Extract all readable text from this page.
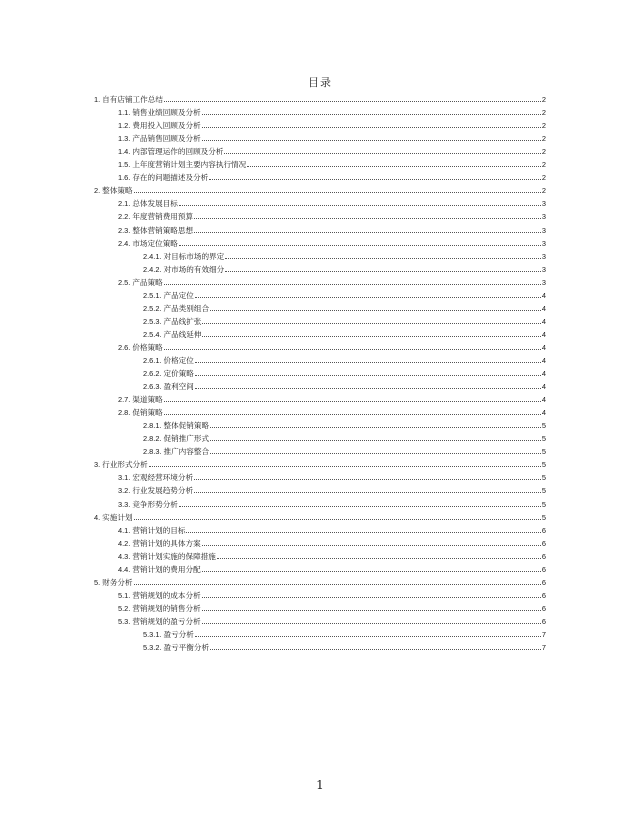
目录
1. 自有店铺工作总结	2
1.1. 销售业绩回顾及分析	2
1.2. 费用投入回顾及分析	2
1.3. 产品销售回顾及分析	2
1.4. 内部管理运作的回顾及分析	2
1.5. 上年度营销计划主要内容执行情况	2
1.6. 存在的问题描述及分析	2
2. 整体策略	2
2.1. 总体发展目标	3
2.2. 年度营销费用预算	3
2.3. 整体营销策略思想	3
2.4. 市场定位策略	3
2.4.1. 对目标市场的界定	3
2.4.2. 对市场的有效细分	3
2.5. 产品策略	3
2.5.1. 产品定位	4
2.5.2. 产品类别组合	4
2.5.3. 产品线扩张	4
2.5.4. 产品线延伸	4
2.6. 价格策略	4
2.6.1. 价格定位	4
2.6.2. 定价策略	4
2.6.3. 盈利空间	4
2.7. 渠道策略	4
2.8. 促销策略	4
2.8.1. 整体促销策略	5
2.8.2. 促销推广形式	5
2.8.3. 推广内容整合	5
3. 行业形式分析	5
3.1. 宏观经营环境分析	5
3.2. 行业发展趋势分析	5
3.3. 竞争形势分析	5
4. 实施计划	5
4.1. 营销计划的目标	6
4.2. 营销计划的具体方案	6
4.3. 营销计划实施的保障措施	6
4.4. 营销计划的费用分配	6
5. 财务分析	6
5.1. 营销规划的成本分析	6
5.2. 营销规划的销售分析	6
5.3. 营销规划的盈亏分析	6
5.3.1. 盈亏分析	7
5.3.2. 盈亏平衡分析	7
1
